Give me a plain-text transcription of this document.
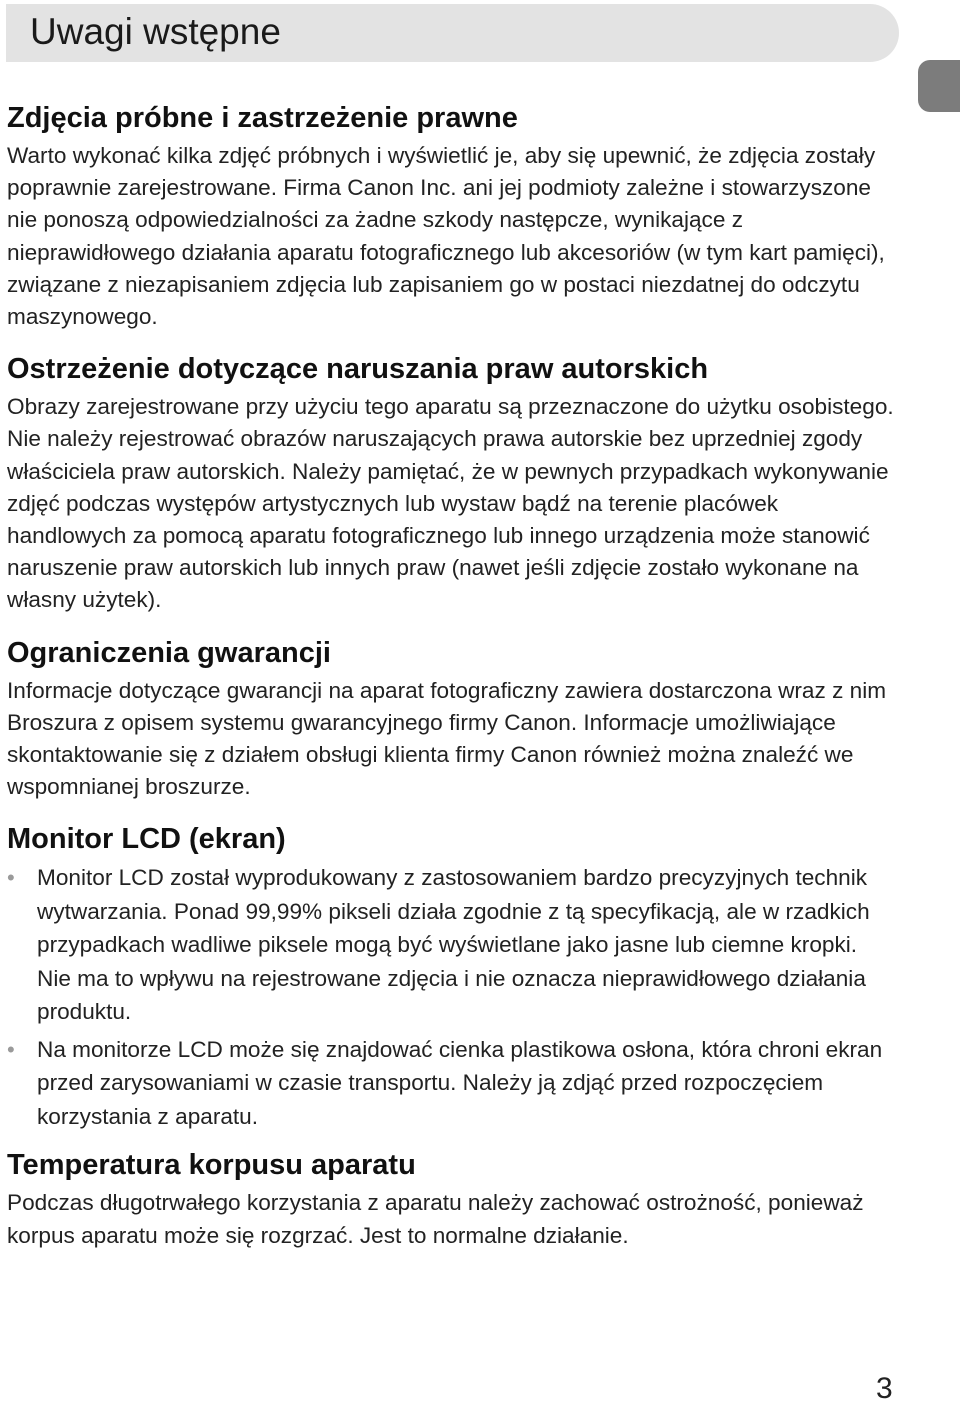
Uwagi wstępne
Zdjęcia próbne i zastrzeżenie prawne

Warto wykonać kilka zdjęć próbnych i wyświetlić je, aby się upewnić, że zdjęcia zostały poprawnie zarejestrowane. Firma Canon Inc. ani jej podmioty zależne i stowarzyszone nie ponoszą odpowiedzialności za żadne szkody następcze, wynikające z nieprawidłowego działania aparatu fotograficznego lub akcesoriów (w tym kart pamięci), związane z niezapisaniem zdjęcia lub zapisaniem go w postaci niezdatnej do odczytu maszynowego.

Ostrzeżenie dotyczące naruszania praw autorskich

Obrazy zarejestrowane przy użyciu tego aparatu są przeznaczone do użytku osobistego. Nie należy rejestrować obrazów naruszających prawa autorskie bez uprzedniej zgody właściciela praw autorskich. Należy pamiętać, że w pewnych przypadkach wykonywanie zdjęć podczas występów artystycznych lub wystaw bądź na terenie placówek handlowych za pomocą aparatu fotograficznego lub innego urządzenia może stanowić naruszenie praw autorskich lub innych praw (nawet jeśli zdjęcie zostało wykonane na własny użytek).

Ograniczenia gwarancji

Informacje dotyczące gwarancji na aparat fotograficzny zawiera dostarczona wraz z nim Broszura z opisem systemu gwarancyjnego firmy Canon. Informacje umożliwiające skontaktowanie się z działem obsługi klienta firmy Canon również można znaleźć we wspomnianej broszurze.

Monitor LCD (ekran)
• Monitor LCD został wyprodukowany z zastosowaniem bardzo precyzyjnych technik wytwarzania. Ponad 99,99% pikseli działa zgodnie z tą specyfikacją, ale w rzadkich przypadkach wadliwe piksele mogą być wyświetlane jako jasne lub ciemne kropki. Nie ma to wpływu na rejestrowane zdjęcia i nie oznacza nieprawidłowego działania produktu.
• Na monitorze LCD może się znajdować cienka plastikowa osłona, która chroni ekran przed zarysowaniami w czasie transportu. Należy ją zdjąć przed rozpoczęciem korzystania z aparatu.
Temperatura korpusu aparatu

Podczas długotrwałego korzystania z aparatu należy zachować ostrożność, ponieważ korpus aparatu może się rozgrzać. Jest to normalne działanie.

3
